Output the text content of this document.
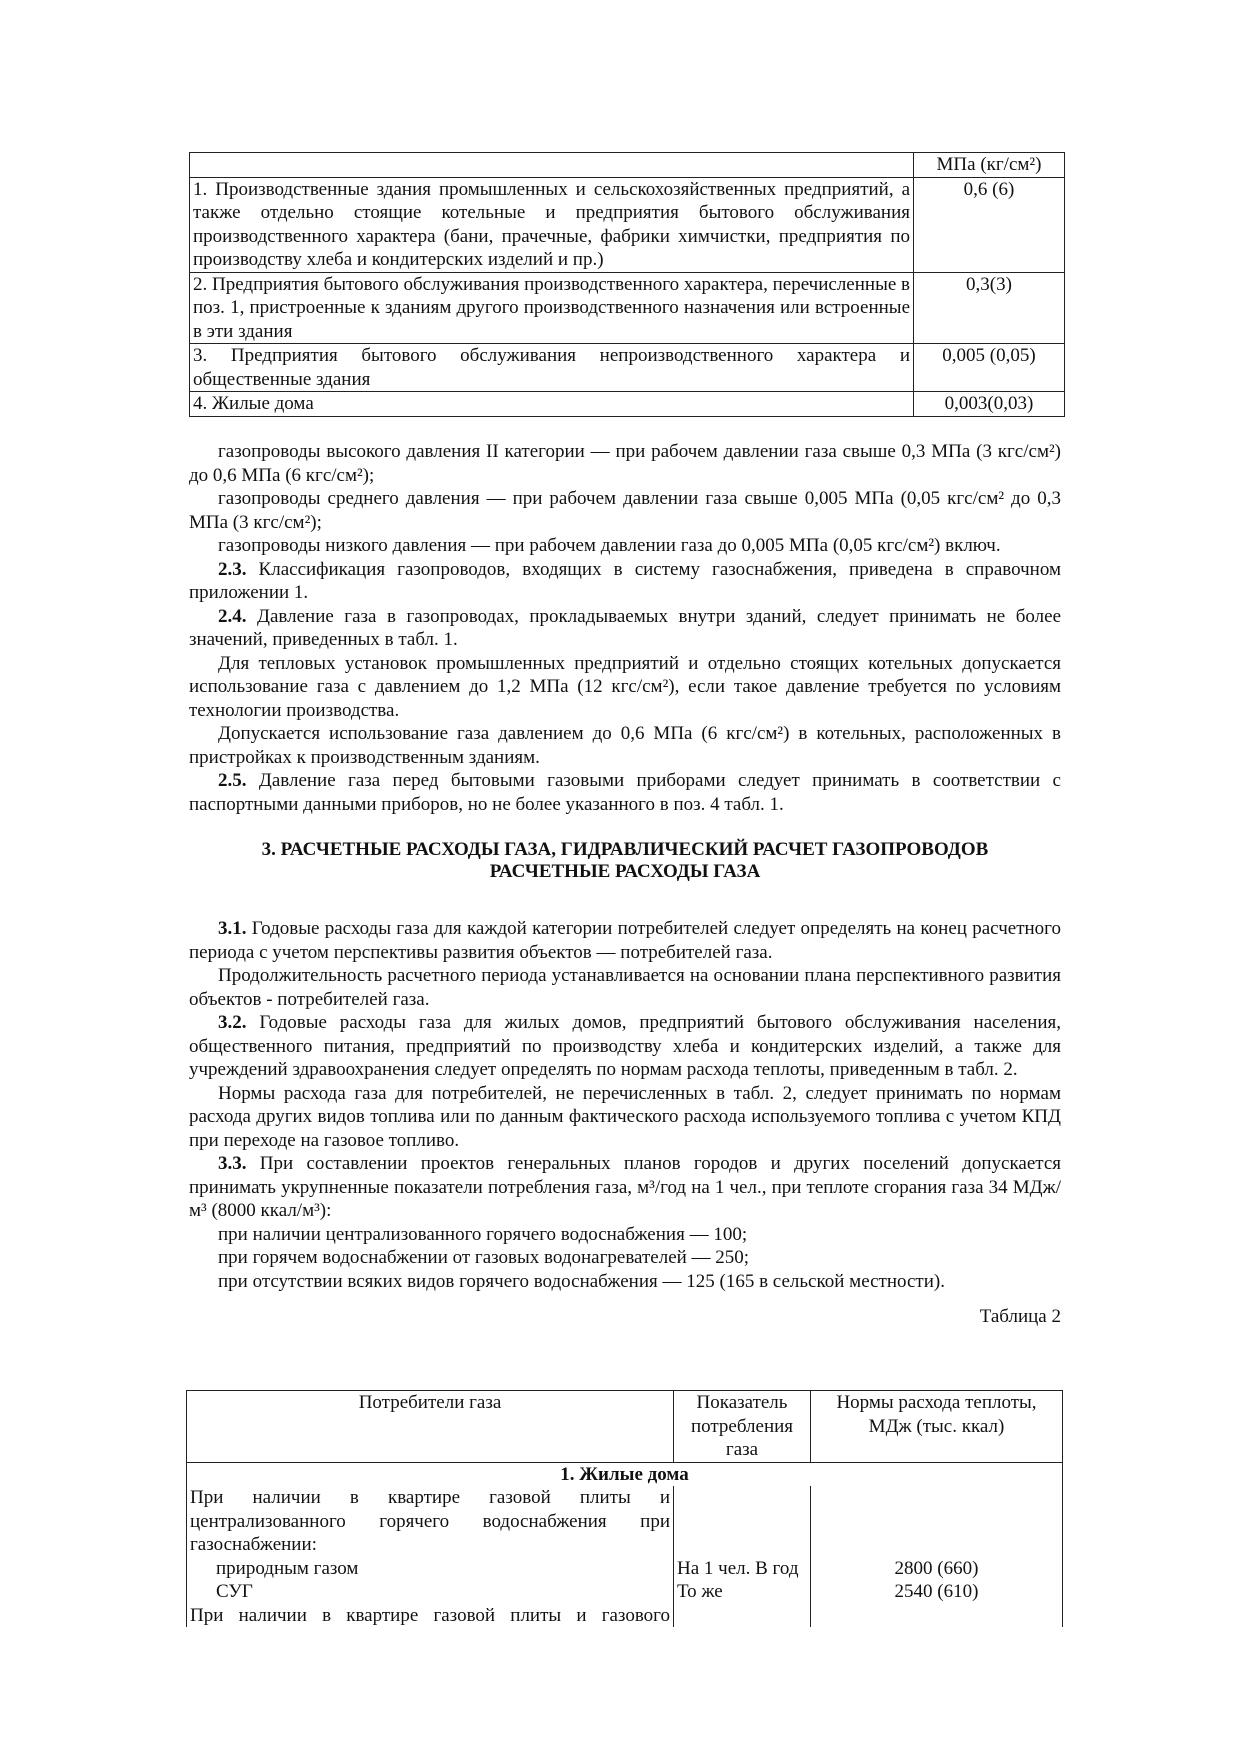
	МПа (кг/см²)
1. Производственные здания промышленных и сельскохозяйственных предприятий, а также отдельно стоящие котельные и предприятия бытового обслуживания производственного характера (бани, прачечные, фабрики химчистки, предприятия по производству хлеба и кондитерских изделий и пр.)	0,6 (6)
2. Предприятия бытового обслуживания производственного характера, перечисленные в поз. 1, пристроенные к зданиям другого производственного назначения или встроенные в эти здания	0,3(3)
3. Предприятия бытового обслуживания непроизводственного характера и общественные здания	0,005 (0,05)
4. Жилые дома	0,003(0,03)

газопроводы высокого давления II категории — при рабочем давлении газа свыше 0,3 МПа (3 кгс/см²) до 0,6 МПа (6 кгс/см²);

газопроводы среднего давления — при рабочем давлении газа свыше 0,005 МПа (0,05 кгс/см² до 0,3 МПа (3 кгс/см²);

газопроводы низкого давления — при рабочем давлении газа до 0,005 МПа (0,05 кгс/см²) включ.

2.3. Классификация газопроводов, входящих в систему газоснабжения, приведена в справочном приложении 1.

2.4. Давление газа в газопроводах, прокладываемых внутри зданий, следует принимать не более значений, приведенных в табл. 1.

Для тепловых установок промышленных предприятий и отдельно стоящих котельных допускается использование газа с давлением до 1,2 МПа (12 кгс/см²), если такое давление требуется по условиям технологии производства.

Допускается использование газа давлением до 0,6 МПа (6 кгс/см²) в котельных, расположенных в пристройках к производственным зданиям.

2.5. Давление газа перед бытовыми газовыми приборами следует принимать в соответствии с паспортными данными приборов, но не более указанного в поз. 4 табл. 1.

3. РАСЧЕТНЫЕ РАСХОДЫ ГАЗА, ГИДРАВЛИЧЕСКИЙ РАСЧЕТ ГАЗОПРОВОДОВ
РАСЧЕТНЫЕ РАСХОДЫ ГАЗА

3.1. Годовые расходы газа для каждой категории потребителей следует определять на конец расчетного периода с учетом перспективы развития объектов — потребителей газа.

Продолжительность расчетного периода устанавливается на основании плана перспективного развития объектов - потребителей газа.

3.2. Годовые расходы газа для жилых домов, предприятий бытового обслуживания населения, общественного питания, предприятий по производству хлеба и кондитерских изделий, а также для учреждений здравоохранения следует определять по нормам расхода теплоты, приведенным в табл. 2.

Нормы расхода газа для потребителей, не перечисленных в табл. 2, следует принимать по нормам расхода других видов топлива или по данным фактического расхода используемого топлива с учетом КПД при переходе на газовое топливо.

3.3. При составлении проектов генеральных планов городов и других поселений допускается принимать укрупненные показатели потребления газа, м³/год на 1 чел., при теплоте сгорания газа 34 МДж/м³ (8000 ккал/м³):

при наличии централизованного горячего водоснабжения — 100;

при горячем водоснабжении от газовых водонагревателей — 250;

при отсутствии всяких видов горячего водоснабжения — 125 (165 в сельской местности).

Таблица 2
Потребители газа	Показатель потребления газа	Нормы расхода теплоты, МДж (тыс. ккал)
1. Жилые дома		
При наличии в квартире газовой плиты и централизованного горячего водоснабжения при газоснабжении:		
природным газом	На 1 чел. В год	2800 (660)
СУГ	То же	2540 (610)
При наличии в квартире газовой плиты и газового		
